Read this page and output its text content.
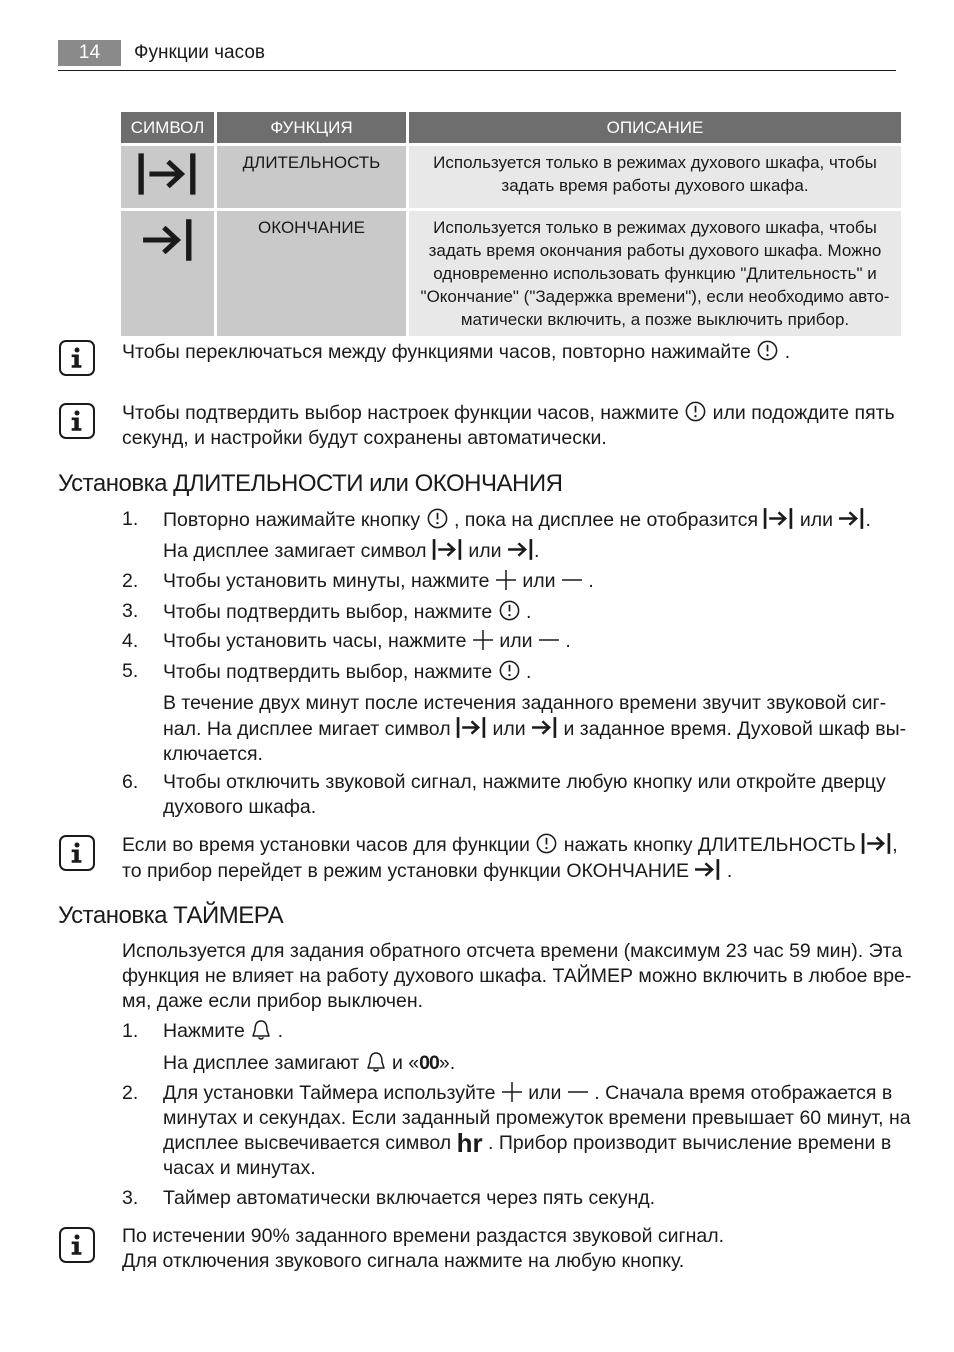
14	Функции часов
СИМВОЛ	ФУНКЦИЯ	ОПИСАНИЕ
	ДЛИТЕЛЬНОСТЬ	Используется только в режимах духового шкафа, чтобы
задать время работы духового шкафа.

	ОКОНЧАНИЕ	Используется только в режимах духового шкафа, чтобы
задать время окончания работы духового шкафа. Можно
одновременно использовать функцию "Длительность" и
"Окончание" ("Задержка времени"), если необходимо авто-
матически включить, а позже выключить прибор.
Чтобы переключаться между функциями часов, повторно нажимайте .
Чтобы подтвердить выбор настроек функции часов, нажмите или подождите пять
секунд, и настройки будут сохранены автоматически.
Установка ДЛИТЕЛЬНОСТИ или ОКОНЧАНИЯ
1. Повторно нажимайте кнопку , пока на дисплее не отобразится или .
На дисплее замигает символ или .
2. Чтобы установить минуты, нажмите или .
3. Чтобы подтвердить выбор, нажмите .
4. Чтобы установить часы, нажмите или .
5. Чтобы подтвердить выбор, нажмите .
В течение двух минут после истечения заданного времени звучит звуковой сиг-
нал. На дисплее мигает символ или и заданное время. Духовой шкаф вы-
ключается.
6. Чтобы отключить звуковой сигнал, нажмите любую кнопку или откройте дверцу
духового шкафа.
Если во время установки часов для функции нажать кнопку ДЛИТЕЛЬНОСТЬ ,
то прибор перейдет в режим установки функции ОКОНЧАНИЕ .
Установка ТАЙМЕРА
Используется для задания обратного отсчета времени (максимум 23 час 59 мин). Эта
функция не влияет на работу духового шкафа. ТАЙМЕР можно включить в любое вре-
мя, даже если прибор выключен.
1. Нажмите .
На дисплее замигают и «00».
2. Для установки Таймера используйте или . Сначала время отображается в
минутах и секундах. Если заданный промежуток времени превышает 60 минут, на
дисплее высвечивается символ hr . Прибор производит вычисление времени в
часах и минутах.
3. Таймер автоматически включается через пять секунд.
По истечении 90% заданного времени раздастся звуковой сигнал.
Для отключения звукового сигнала нажмите на любую кнопку.
